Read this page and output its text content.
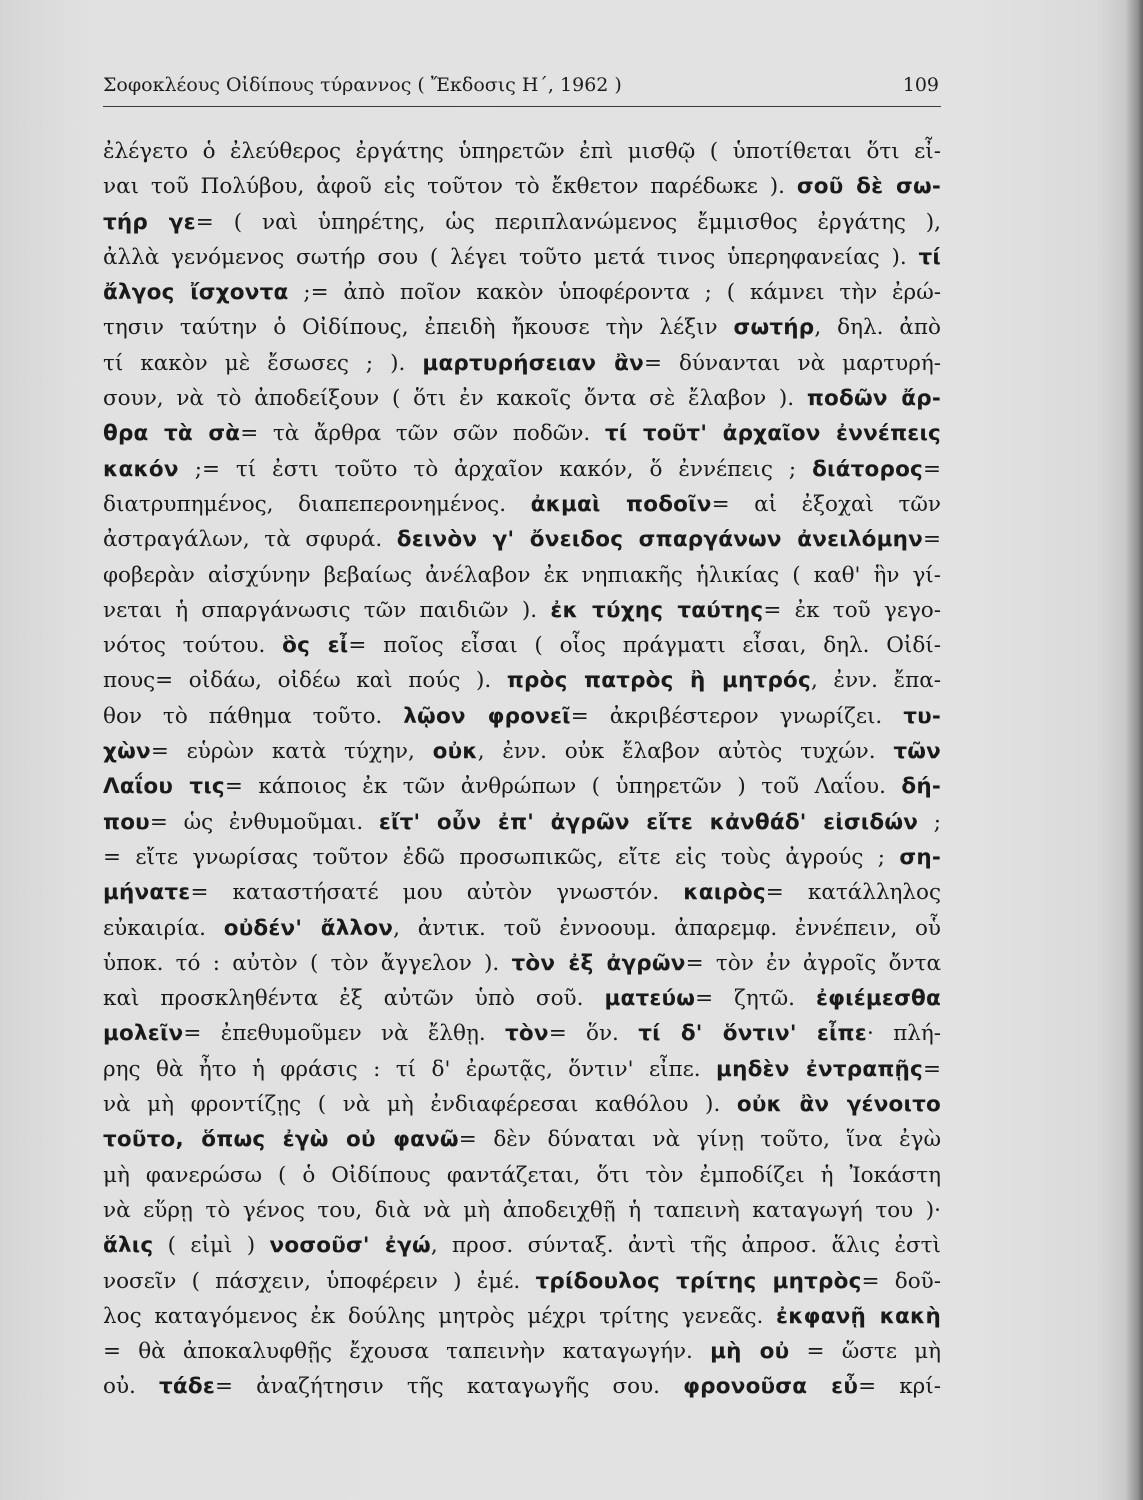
Σοφοκλέους Οἰδίπους τύραννος ( Ἔκδοσις Η΄, 1962 )	109
ἐλέγετο ὁ ἐλεύθερος ἐργάτης ὑπηρετῶν ἐπὶ μισθῷ ( ὑποτίθεται ὅτι εἶ-
ναι τοῦ Πολύβου, ἀφοῦ εἰς τοῦτον τὸ ἔκθετον παρέδωκε ). σοῦ δὲ σω-
τήρ γε= ( ναὶ ὑπηρέτης, ὡς περιπλανώμενος ἔμμισθος ἐργάτης ),
ἀλλὰ γενόμενος σωτήρ σου ( λέγει τοῦτο μετά τινος ὑπερηφανείας ). τί
ἄλγος ἴσχοντα ;= ἀπὸ ποῖον κακὸν ὑποφέροντα ; ( κάμνει τὴν ἐρώ-
τησιν ταύτην ὁ Οἰδίπους, ἐπειδὴ ἤκουσε τὴν λέξιν σωτήρ, δηλ. ἀπὸ
τί κακὸν μὲ ἔσωσες ; ). μαρτυρήσειαν ἂν= δύνανται νὰ μαρτυρή-
σουν, νὰ τὸ ἀποδείξουν ( ὅτι ἐν κακοῖς ὄντα σὲ ἔλαβον ). ποδῶν ἄρ-
θρα τὰ σὰ= τὰ ἄρθρα τῶν σῶν ποδῶν. τί τοῦτ' ἀρχαῖον ἐννέπεις
κακόν ;= τί ἐστι τοῦτο τὸ ἀρχαῖον κακόν, ὅ ἐννέπεις ; διάτορος=
διατρυπημένος, διαπεπερονημένος. ἀκμαὶ ποδοῖν= αἱ ἐξοχαὶ τῶν
ἀστραγάλων, τὰ σφυρά. δεινὸν γ' ὄνειδος σπαργάνων ἀνειλόμην=
φοβερὰν αἰσχύνην βεβαίως ἀνέλαβον ἐκ νηπιακῆς ἡλικίας ( καθ' ἣν γί-
νεται ἡ σπαργάνωσις τῶν παιδιῶν ). ἐκ τύχης ταύτης= ἐκ τοῦ γεγο-
νότος τούτου. ὃς εἶ= ποῖος εἶσαι ( οἷος πράγματι εἶσαι, δηλ. Οἰδί-
πους= οἰδάω, οἰδέω καὶ πούς ). πρὸς πατρὸς ἢ μητρός, ἐνν. ἔπα-
θον τὸ πάθημα τοῦτο. λῷον φρονεῖ= ἀκριβέστερον γνωρίζει. τυ-
χὼν= εὑρὼν κατὰ τύχην, οὐκ, ἐνν. οὐκ ἔλαβον αὐτὸς τυχών. τῶν
Λαΐου τις= κάποιος ἐκ τῶν ἀνθρώπων ( ὑπηρετῶν ) τοῦ Λαΐου. δή-
που= ὡς ἐνθυμοῦμαι. εἴτ' οὖν ἐπ' ἀγρῶν εἴτε κἀνθάδ' εἰσιδών ;
= εἴτε γνωρίσας τοῦτον ἐδῶ προσωπικῶς, εἴτε εἰς τοὺς ἀγρούς ; ση-
μήνατε= καταστήσατέ μου αὐτὸν γνωστόν. καιρὸς= κατάλληλος
εὐκαιρία. οὐδέν' ἄλλον, ἀντικ. τοῦ ἐννοουμ. ἀπαρεμφ. ἐννέπειν, οὗ
ὑποκ. τό : αὐτὸν ( τὸν ἄγγελον ). τὸν ἐξ ἀγρῶν= τὸν ἐν ἀγροῖς ὄντα
καὶ προσκληθέντα ἐξ αὐτῶν ὑπὸ σοῦ. ματεύω= ζητῶ. ἐφιέμεσθα
μολεῖν= ἐπεθυμοῦμεν νὰ ἔλθῃ. τὸν= ὅν. τί δ' ὅντιν' εἶπε· πλή-
ρης θὰ ἦτο ἡ φράσις : τί δ' ἐρωτᾷς, ὅντιν' εἶπε. μηδὲν ἐντραπῇς=
νὰ μὴ φροντίζῃς ( νὰ μὴ ἐνδιαφέρεσαι καθόλου ). οὐκ ἂν γένοιτο
τοῦτο, ὅπως ἐγὼ οὐ φανῶ= δὲν δύναται νὰ γίνῃ τοῦτο, ἵνα ἐγὼ
μὴ φανερώσω ( ὁ Οἰδίπους φαντάζεται, ὅτι τὸν ἐμποδίζει ἡ Ἰοκάστη
νὰ εὕρῃ τὸ γένος του, διὰ νὰ μὴ ἀποδειχθῇ ἡ ταπεινὴ καταγωγή του )·
ἅλις ( εἰμὶ ) νοσοῦσ' ἐγώ, προσ. σύνταξ. ἀντὶ τῆς ἀπροσ. ἅλις ἐστὶ
νοσεῖν ( πάσχειν, ὑποφέρειν ) ἐμέ. τρίδουλος τρίτης μητρὸς= δοῦ-
λος καταγόμενος ἐκ δούλης μητρὸς μέχρι τρίτης γενεᾶς. ἐκφανῇ κακὴ
= θὰ ἀποκαλυφθῇς ἔχουσα ταπεινὴν καταγωγήν. μὴ οὐ = ὥστε μὴ
οὐ. τάδε= ἀναζήτησιν τῆς καταγωγῆς σου. φρονοῦσα εὖ= κρί-
